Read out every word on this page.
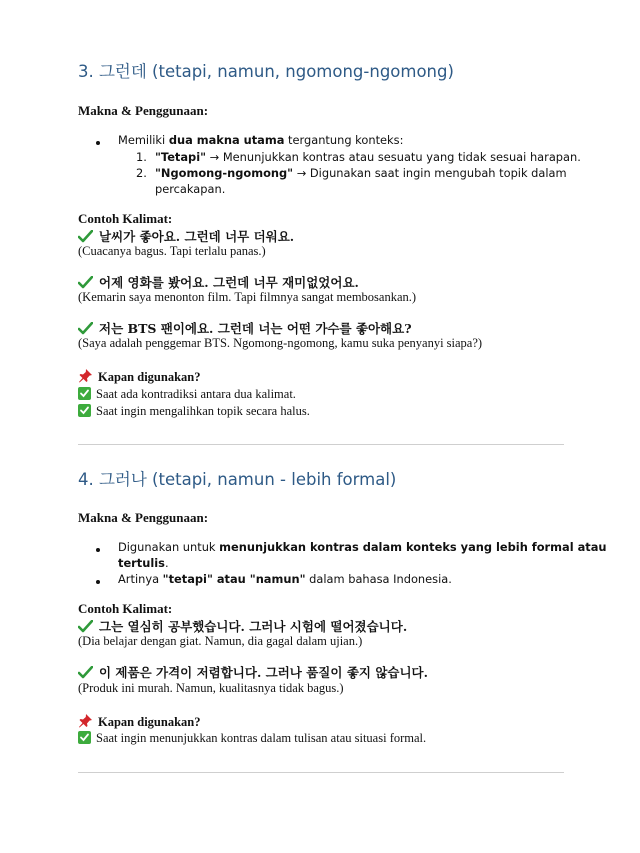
3. 그런데 (tetapi, namun, ngomong-ngomong)

Makna & Penggunaan:

Memiliki dua makna utama tergantung konteks:
1. "Tetapi" → Menunjukkan kontras atau sesuatu yang tidak sesuai harapan.
2. "Ngomong-ngomong" → Digunakan saat ingin mengubah topik dalam
percakapan.

Contoh Kalimat:

날씨가 좋아요. 그런데 너무 더워요.
(Cuacanya bagus. Tapi terlalu panas.)
어제 영화를 봤어요. 그런데 너무 재미없었어요.
(Kemarin saya menonton film. Tapi filmnya sangat membosankan.)
저는 BTS 팬이에요. 그런데 너는 어떤 가수를 좋아해요?
(Saya adalah penggemar BTS. Ngomong-ngomong, kamu suka penyanyi siapa?)
Kapan digunakan?
Saat ada kontradiksi antara dua kalimat.
Saat ingin mengalihkan topik secara halus.
4. 그러나 (tetapi, namun - lebih formal)

Makna & Penggunaan:

Digunakan untuk menunjukkan kontras dalam konteks yang lebih formal atau
tertulis.
Artinya "tetapi" atau "namun" dalam bahasa Indonesia.

Contoh Kalimat:

그는 열심히 공부했습니다. 그러나 시험에 떨어졌습니다.
(Dia belajar dengan giat. Namun, dia gagal dalam ujian.)
이 제품은 가격이 저렴합니다. 그러나 품질이 좋지 않습니다.
(Produk ini murah. Namun, kualitasnya tidak bagus.)
Kapan digunakan?
Saat ingin menunjukkan kontras dalam tulisan atau situasi formal.
